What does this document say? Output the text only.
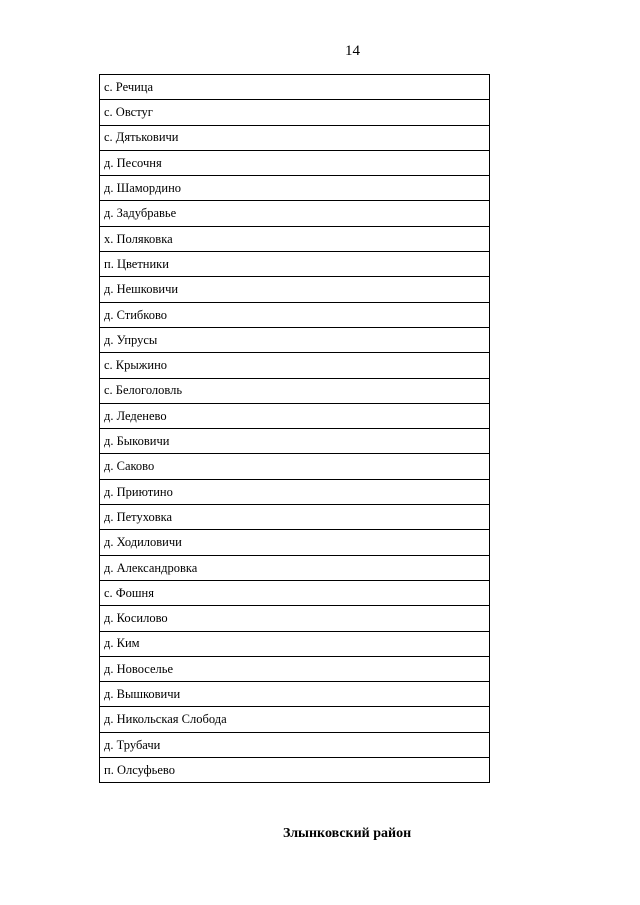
14
с. Речица
с. Овстуг
с. Дятьковичи
д. Песочня
д. Шамордино
д. Задубравье
х. Поляковка
п. Цветники
д. Нешковичи
д. Стибково
д. Упрусы
с. Крыжино
с. Белоголовль
д. Леденево
д. Быковичи
д. Саково
д. Приютино
д. Петуховка
д. Ходиловичи
д. Александровка
с. Фошня
д. Косилово
д. Ким
д. Новоселье
д. Вышковичи
д. Никольская Слобода
д. Трубачи
п. Олсуфьево
Злынковский район
